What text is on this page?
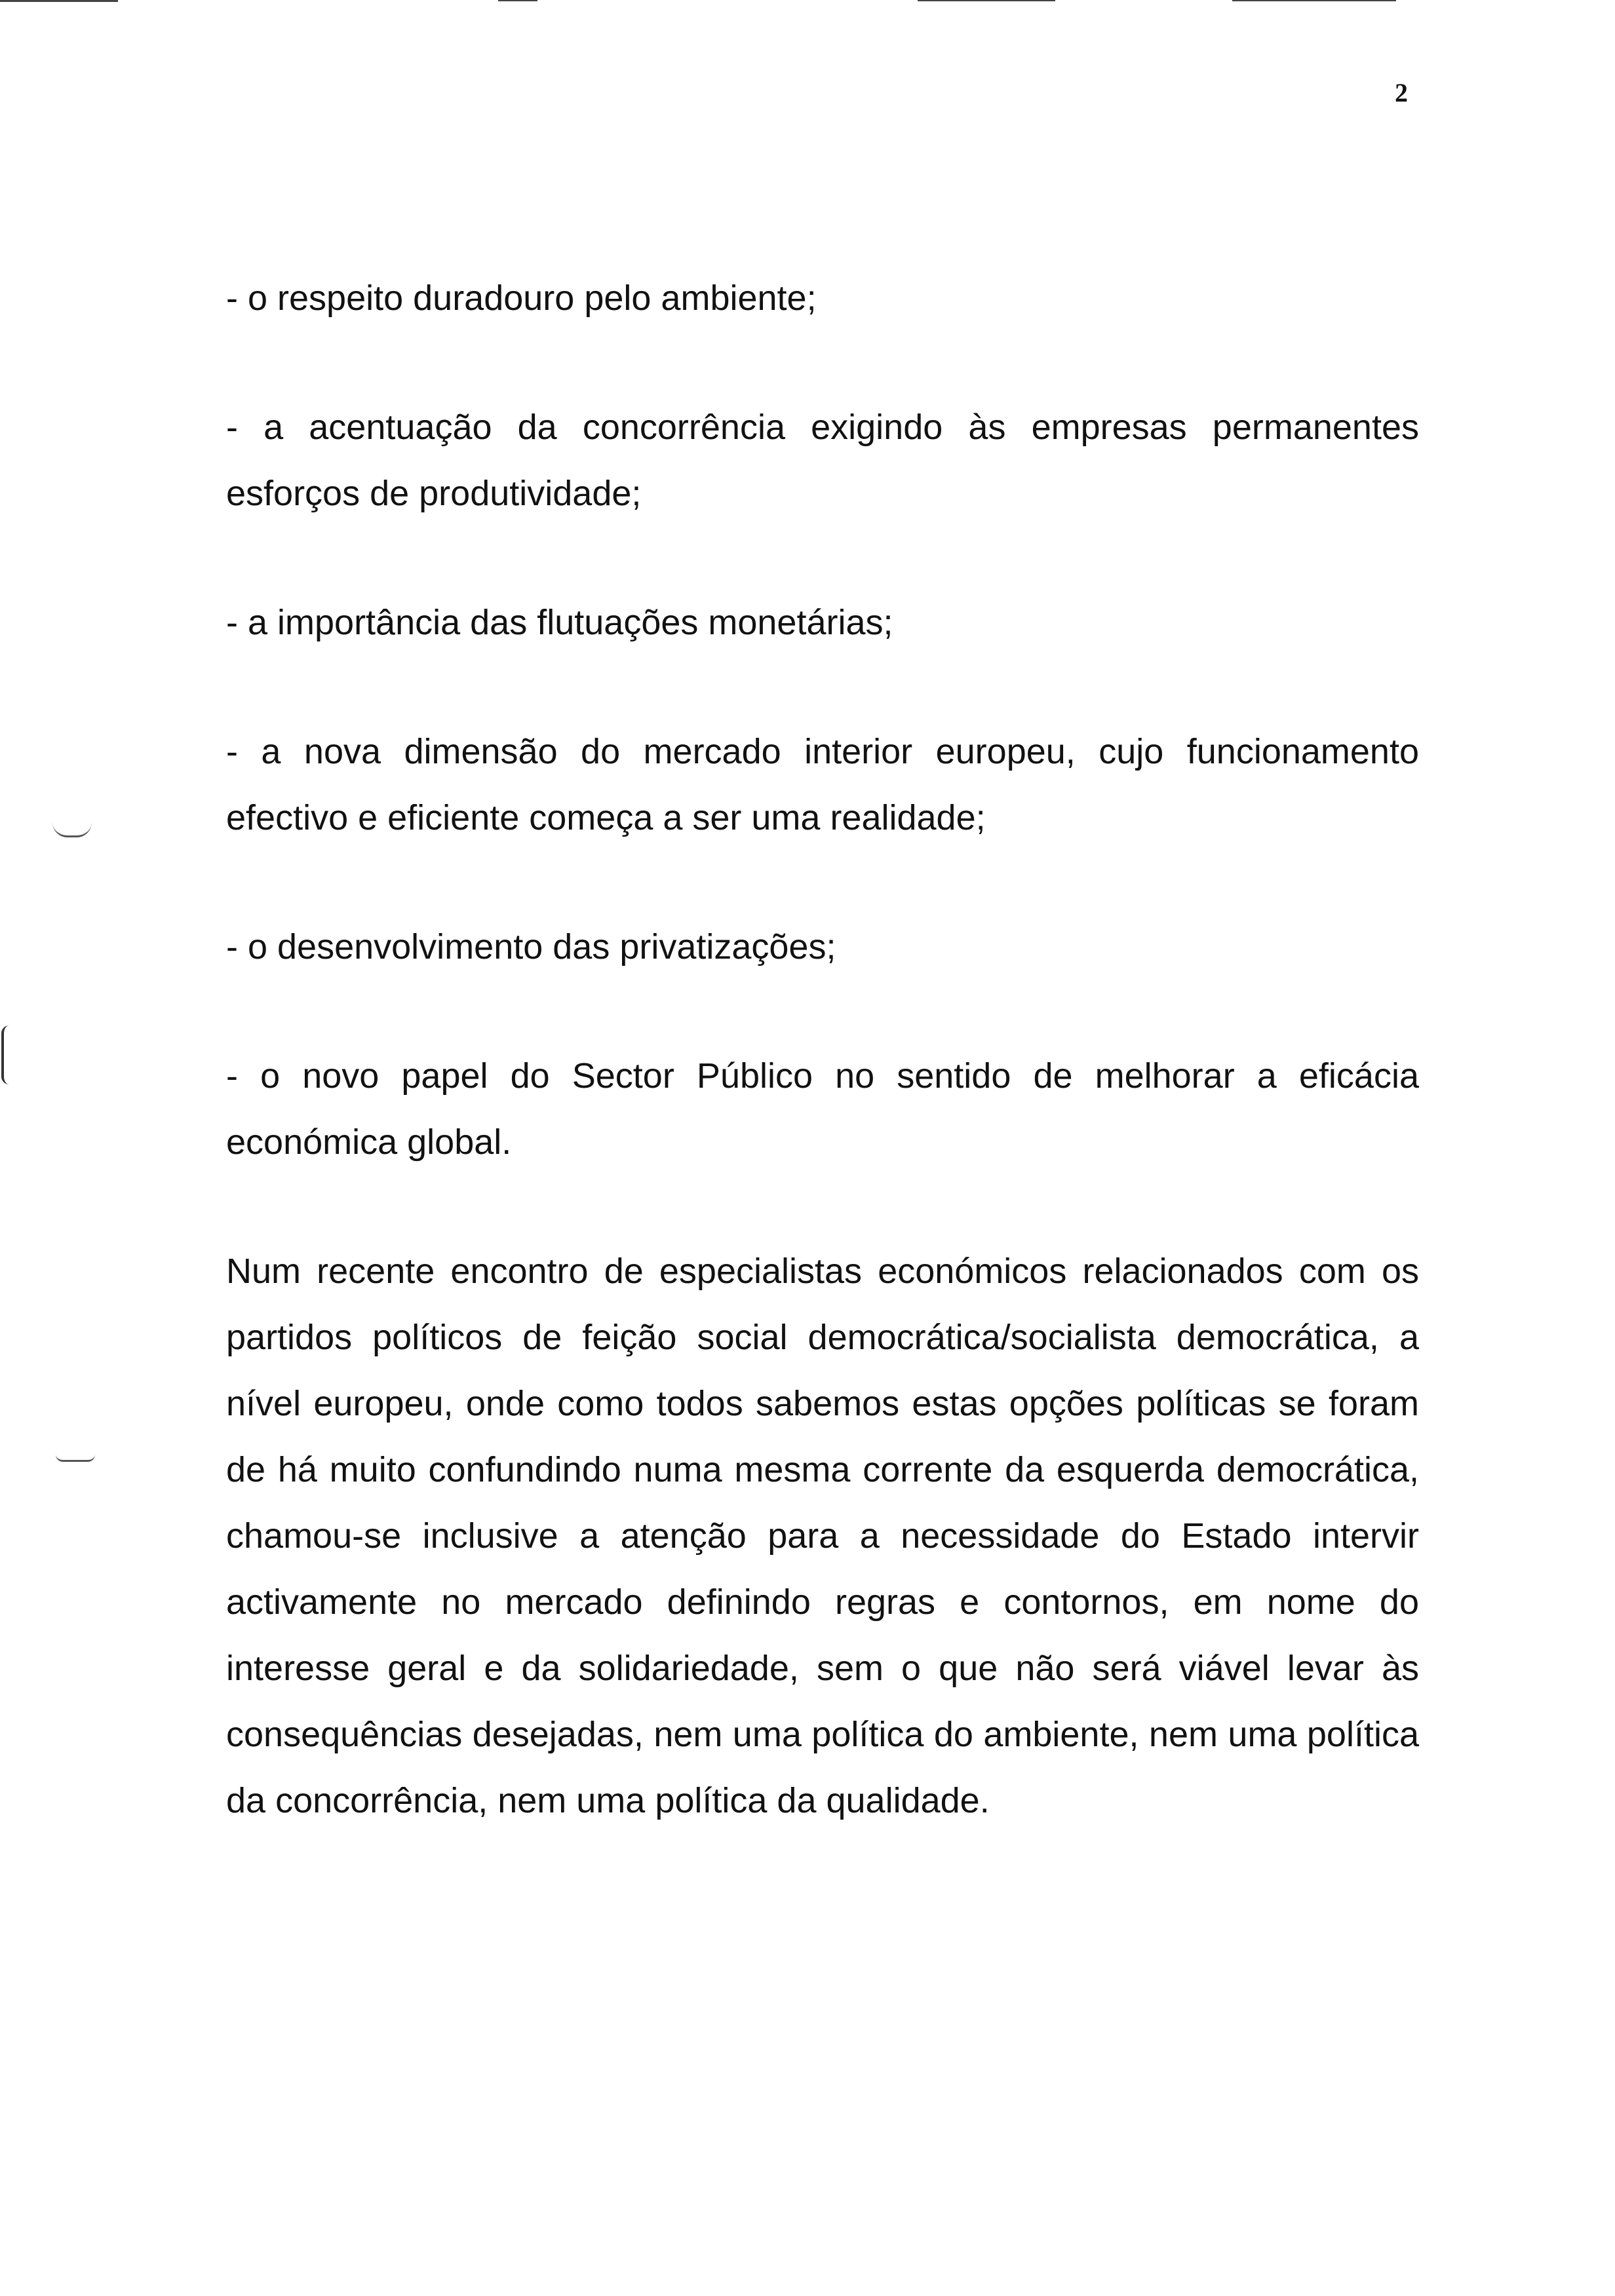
2

- o respeito duradouro pelo ambiente;

- a acentuação da concorrência exigindo às empresas permanentes esforços de produtividade;

- a importância das flutuações monetárias;

- a nova dimensão do mercado interior europeu, cujo funcionamento efectivo e eficiente começa a ser uma realidade;

- o desenvolvimento das privatizações;

- o novo papel do Sector Público no sentido de melhorar a eficácia económica global.

Num recente encontro de especialistas económicos relacionados com os partidos políticos de feição social democrática/socialista democrática, a nível europeu, onde como todos sabemos estas opções políticas se foram de há muito confundindo numa mesma corrente da esquerda democrática, chamou-se inclusive a atenção para a necessidade do Estado intervir activamente no mercado definindo regras e contornos, em nome do interesse geral e da solidariedade, sem o que não será viável levar às consequências desejadas, nem uma política do ambiente, nem uma política da concorrência, nem uma política da qualidade.
